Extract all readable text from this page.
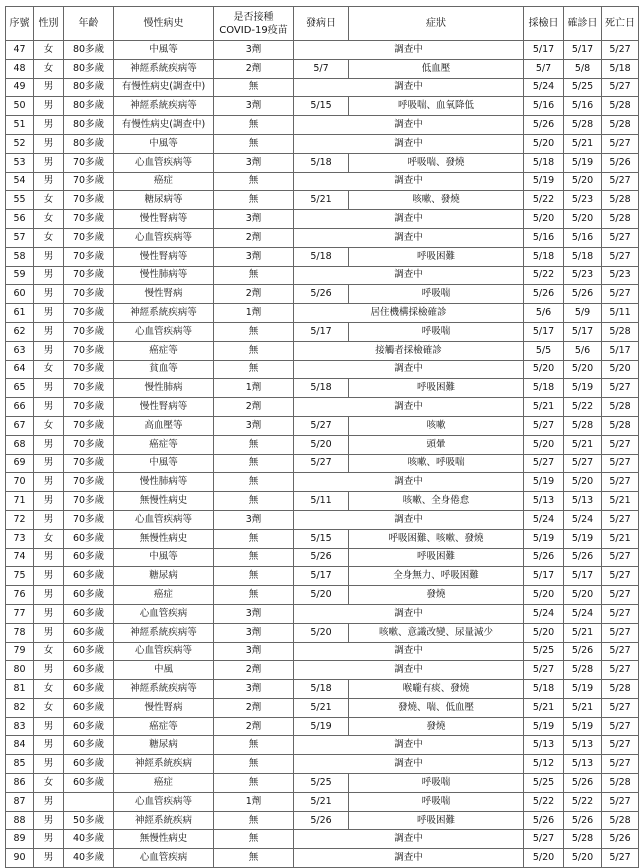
序號	性別	年齡	慢性病史	是否接種COVID-19疫苗	發病日	症狀	採檢日	確診日	死亡日
47	女	80多歲	中風等	3劑	調查中		5/17	5/17	5/27
48	女	80多歲	神經系統疾病等	2劑	5/7	低血壓	5/7	5/8	5/18
49	男	80多歲	有慢性病史(調查中)	無	調查中		5/24	5/25	5/27
50	男	80多歲	神經系統疾病等	3劑	5/15	呼吸喘、血氧降低	5/16	5/16	5/28
51	男	80多歲	有慢性病史(調查中)	無	調查中		5/26	5/28	5/28
52	男	80多歲	中風等	無	調查中		5/20	5/21	5/27
53	男	70多歲	心血管疾病等	3劑	5/18	呼吸喘、發燒	5/18	5/19	5/26
54	男	70多歲	癌症	無	調查中		5/19	5/20	5/27
55	女	70多歲	糖尿病等	無	5/21	咳嗽、發燒	5/22	5/23	5/28
56	女	70多歲	慢性腎病等	3劑	調查中		5/20	5/20	5/28
57	女	70多歲	心血管疾病等	2劑	調查中		5/16	5/16	5/27
58	男	70多歲	慢性腎病等	3劑	5/18	呼吸困難	5/18	5/18	5/27
59	男	70多歲	慢性肺病等	無	調查中		5/22	5/23	5/23
60	男	70多歲	慢性腎病	2劑	5/26	呼吸喘	5/26	5/26	5/27
61	男	70多歲	神經系統疾病等	1劑	居住機構採檢確診		5/6	5/9	5/11
62	男	70多歲	心血管疾病等	無	5/17	呼吸喘	5/17	5/17	5/28
63	男	70多歲	癌症等	無	接觸者採檢確診		5/5	5/6	5/17
64	女	70多歲	貧血等	無	調查中		5/20	5/20	5/20
65	男	70多歲	慢性肺病	1劑	5/18	呼吸困難	5/18	5/19	5/27
66	男	70多歲	慢性腎病等	2劑	調查中		5/21	5/22	5/28
67	女	70多歲	高血壓等	3劑	5/27	咳嗽	5/27	5/28	5/28
68	男	70多歲	癌症等	無	5/20	頭暈	5/20	5/21	5/27
69	男	70多歲	中風等	無	5/27	咳嗽、呼吸喘	5/27	5/27	5/27
70	男	70多歲	慢性肺病等	無	調查中		5/19	5/20	5/27
71	男	70多歲	無慢性病史	無	5/11	咳嗽、全身倦怠	5/13	5/13	5/21
72	男	70多歲	心血管疾病等	3劑	調查中		5/24	5/24	5/27
73	女	60多歲	無慢性病史	無	5/15	呼吸困難、咳嗽、發燒	5/19	5/19	5/21
74	男	60多歲	中風等	無	5/26	呼吸困難	5/26	5/26	5/27
75	男	60多歲	糖尿病	無	5/17	全身無力、呼吸困難	5/17	5/17	5/27
76	男	60多歲	癌症	無	5/20	發燒	5/20	5/20	5/27
77	男	60多歲	心血管疾病	3劑	調查中		5/24	5/24	5/27
78	男	60多歲	神經系統疾病等	3劑	5/20	咳嗽、意識改變、尿量減少	5/20	5/21	5/27
79	女	60多歲	心血管疾病等	3劑	調查中		5/25	5/26	5/27
80	男	60多歲	中風	2劑	調查中		5/27	5/28	5/27
81	女	60多歲	神經系統疾病等	3劑	5/18	喉嚨有痰、發燒	5/18	5/19	5/28
82	女	60多歲	慢性腎病	2劑	5/21	發燒、喘、低血壓	5/21	5/21	5/27
83	男	60多歲	癌症等	2劑	5/19	發燒	5/19	5/19	5/27
84	男	60多歲	糖尿病	無	調查中		5/13	5/13	5/27
85	男	60多歲	神經系統疾病	無	調查中		5/12	5/13	5/27
86	女	60多歲	癌症	無	5/25	呼吸喘	5/25	5/26	5/28
87	男		心血管疾病等	1劑	5/21	呼吸喘	5/22	5/22	5/27
88	男	50多歲	神經系統疾病	無	5/26	呼吸困難	5/26	5/26	5/28
89	男	40多歲	無慢性病史	無	調查中		5/27	5/28	5/26
90	男	40多歲	心血管疾病	無	調查中		5/20	5/20	5/27
